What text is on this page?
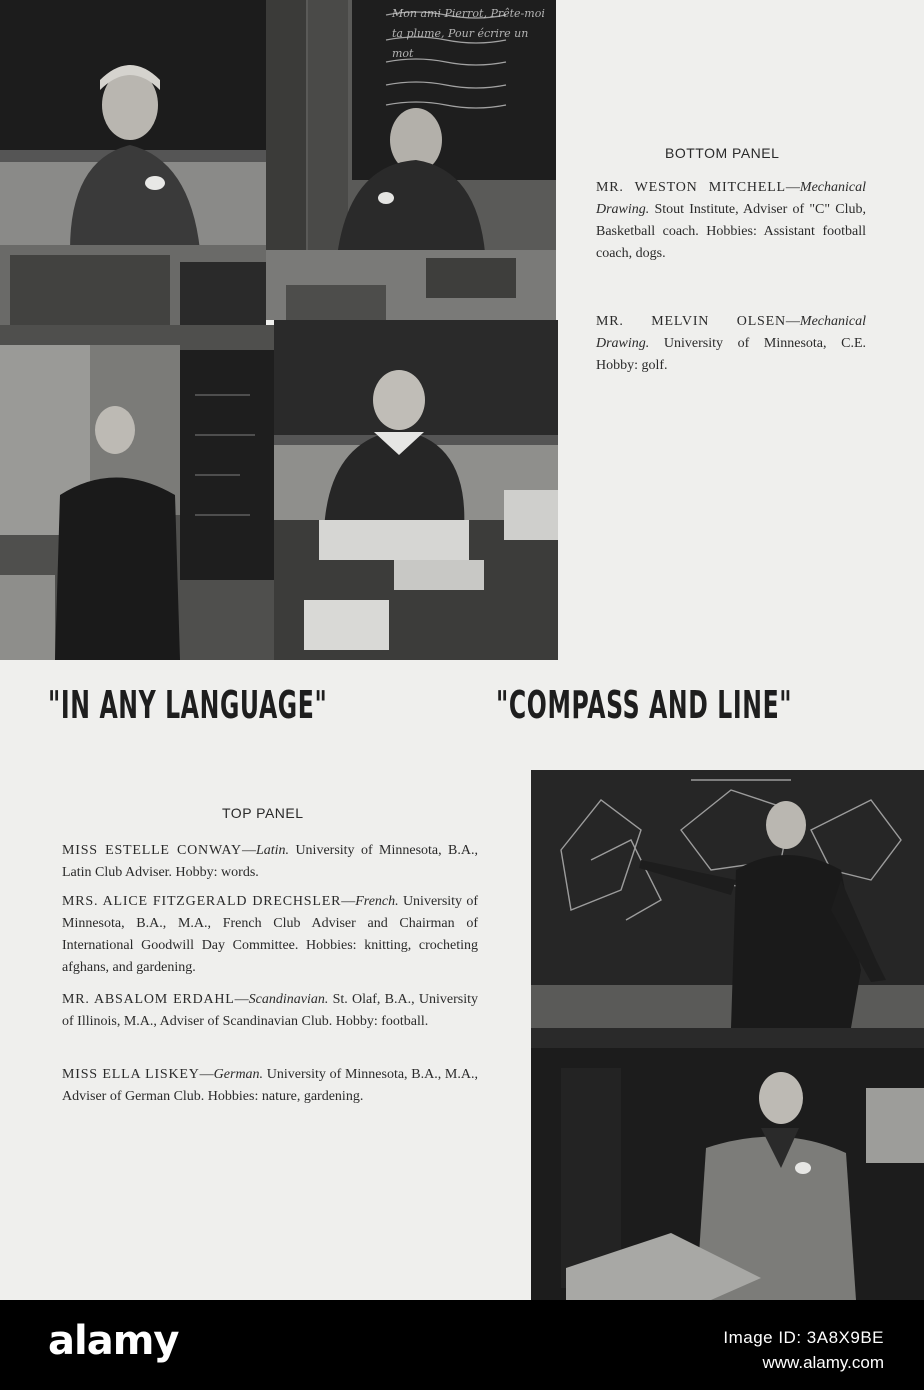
"IN ANY LANGUAGE"	"COMPASS AND LINE"
BOTTOM PANEL
MR. WESTON MITCHELL—Mechanical Drawing. Stout Institute, Adviser of "C" Club, Basketball coach. Hobbies: Assistant football coach, dogs.
MR. MELVIN OLSEN—Mechanical Drawing. University of Minnesota, C.E. Hobby: golf.
TOP PANEL
MISS ESTELLE CONWAY—Latin. University of Minnesota, B.A., Latin Club Adviser. Hobby: words.
MRS. ALICE FITZGERALD DRECHSLER—French. University of Minnesota, B.A., M.A., French Club Adviser and Chairman of International Goodwill Day Committee. Hobbies: knitting, crocheting afghans, and gardening.
MR. ABSALOM ERDAHL—Scandinavian. St. Olaf, B.A., University of Illinois, M.A., Adviser of Scandinavian Club. Hobby: football.
MISS ELLA LISKEY—German. University of Minnesota, B.A., M.A., Adviser of German Club. Hobbies: nature, gardening.
Mon ami Pierrot, Prête-moi ta plume, Pour écrire un mot
alamy	Image ID: 3A8X9BE
www.alamy.com
